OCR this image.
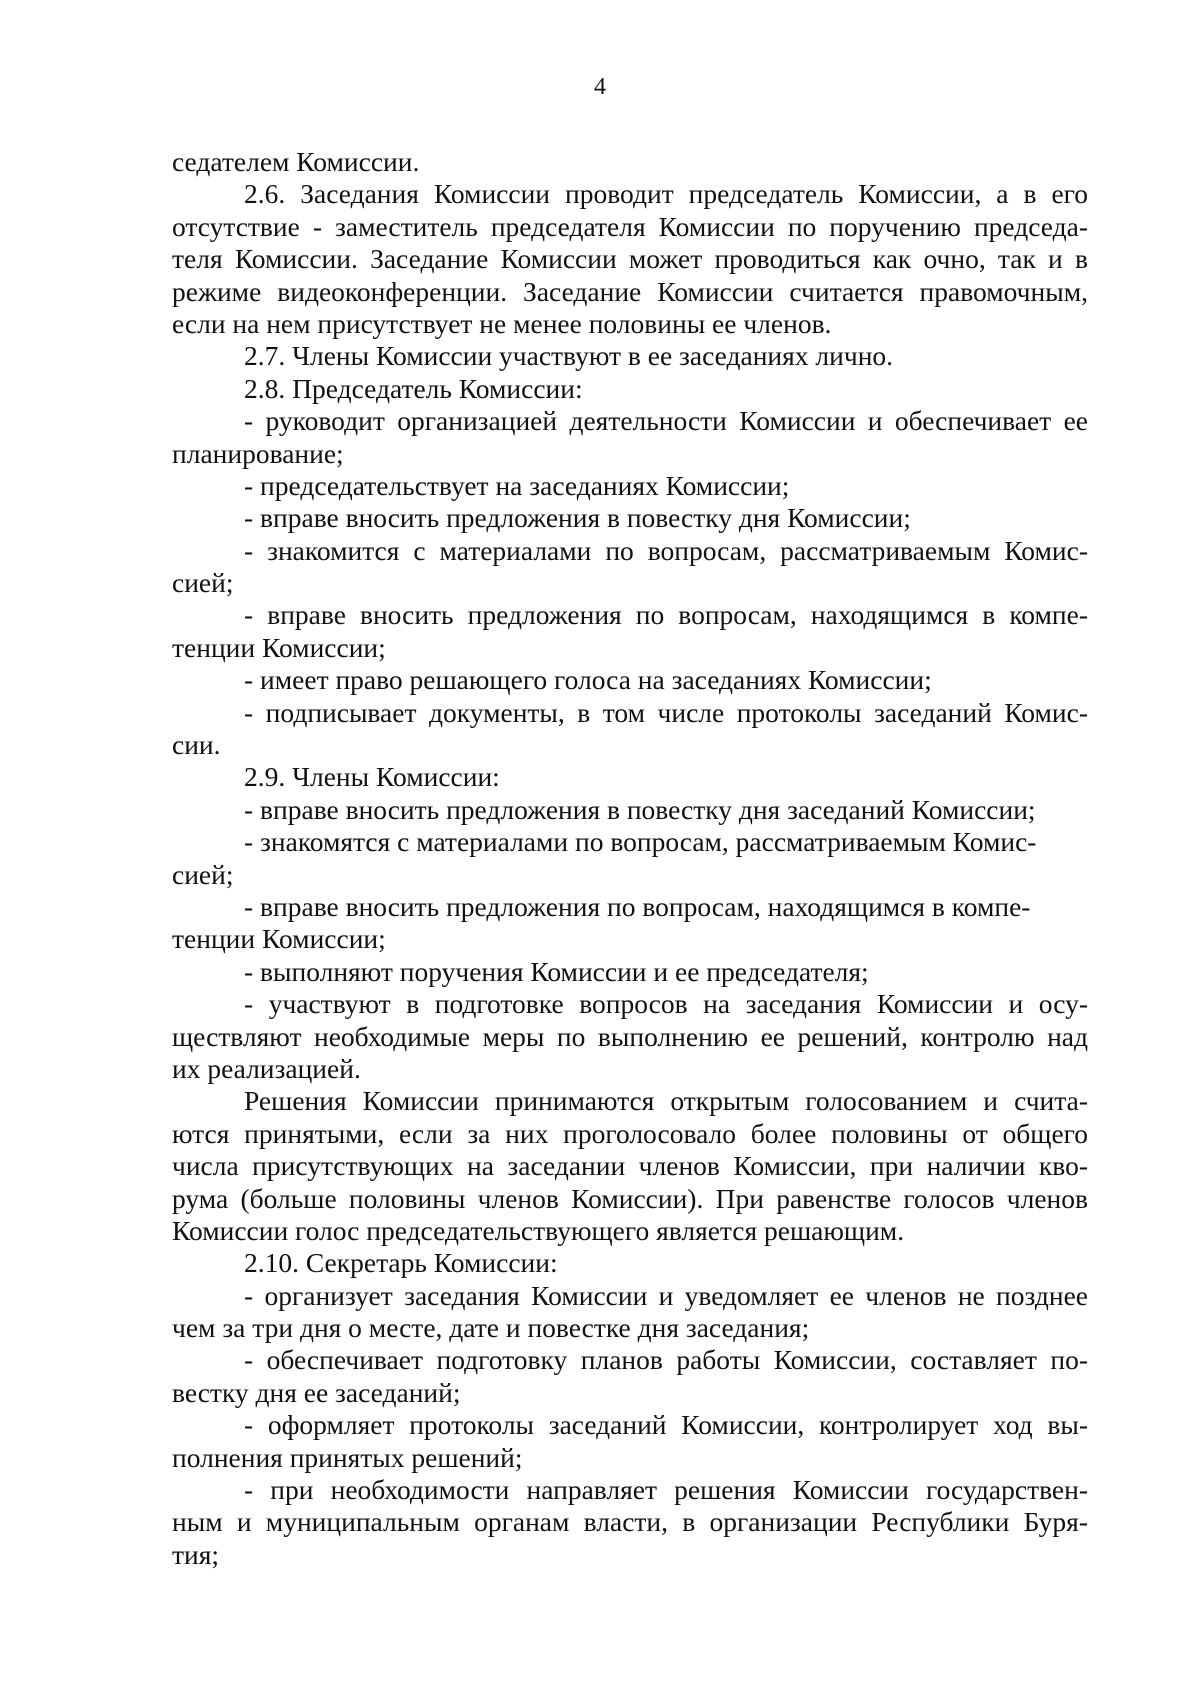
4
седателем Комиссии.
2.6. Заседания Комиссии проводит председатель Комиссии, а в его
отсутствие - заместитель председателя Комиссии по поручению председа-
теля Комиссии. Заседание Комиссии может проводиться как очно, так и в
режиме видеоконференции. Заседание Комиссии считается правомочным,
если на нем присутствует не менее половины ее членов.
2.7. Члены Комиссии участвуют в ее заседаниях лично.
2.8. Председатель Комиссии:
- руководит организацией деятельности Комиссии и обеспечивает ее
планирование;
- председательствует на заседаниях Комиссии;
- вправе вносить предложения в повестку дня Комиссии;
- знакомится с материалами по вопросам, рассматриваемым Комис-
сией;
- вправе вносить предложения по вопросам, находящимся в компе-
тенции Комиссии;
- имеет право решающего голоса на заседаниях Комиссии;
- подписывает документы, в том числе протоколы заседаний Комис-
сии.
2.9. Члены Комиссии:
- вправе вносить предложения в повестку дня заседаний Комиссии;
- знакомятся с материалами по вопросам, рассматриваемым Комис-
сией;
- вправе вносить предложения по вопросам, находящимся в компе-
тенции Комиссии;
- выполняют поручения Комиссии и ее председателя;
- участвуют в подготовке вопросов на заседания Комиссии и осу-
ществляют необходимые меры по выполнению ее решений, контролю над
их реализацией.
Решения Комиссии принимаются открытым голосованием и счита-
ются принятыми, если за них проголосовало более половины от общего
числа присутствующих на заседании членов Комиссии, при наличии кво-
рума (больше половины членов Комиссии). При равенстве голосов членов
Комиссии голос председательствующего является решающим.
2.10. Секретарь Комиссии:
- организует заседания Комиссии и уведомляет ее членов не позднее
чем за три дня о месте, дате и повестке дня заседания;
- обеспечивает подготовку планов работы Комиссии, составляет по-
вестку дня ее заседаний;
- оформляет протоколы заседаний Комиссии, контролирует ход вы-
полнения принятых решений;
- при необходимости направляет решения Комиссии государствен-
ным и муниципальным органам власти, в организации Республики Буря-
тия;
